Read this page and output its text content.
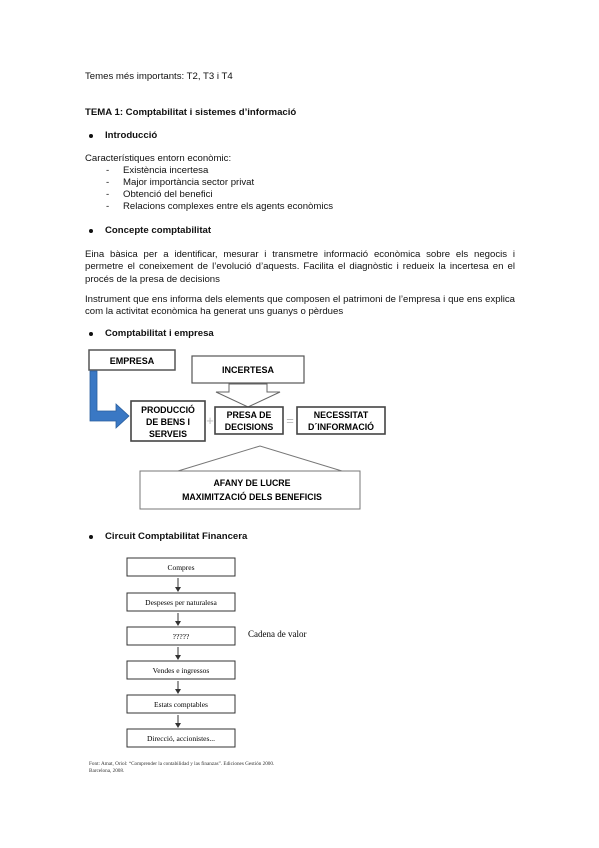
Temes més importants: T2, T3 i T4
TEMA 1: Comptabilitat i sistemes d’informació
Introducció
Característiques entorn econòmic:
- Existència incertesa
- Major importància sector privat
- Obtenció del benefici
- Relacions complexes entre els agents econòmics
Concepte comptabilitat
Eina bàsica per a identificar, mesurar i transmetre informació econòmica sobre els negocis i permetre el coneixement de l’evolució d’aquests. Facilita el diagnòstic i redueix la incertesa en el procés de la presa de decisions
Instrument que ens informa dels elements que composen el patrimoni de l’empresa i que ens explica com la activitat econòmica ha generat uns guanys o pèrdues
Comptabilitat i empresa
EMPRESA
INCERTESA
PRODUCCIÓ
DE BENS I
SERVEIS
+ PRESA DE
DECISIONS = NECESSITAT
D´INFORMACIÓ
AFANY DE LUCRE
MAXIMITZACIÓ DELS BENEFICIS
Circuit Comptabilitat Financera
Compres
Despeses per naturalesa
?????	Cadena de valor
Vendes e ingressos
Estats comptables
Direcció, accionistes...
Font: Amat, Oriol: “Comprender la contabilidad y las finanzas”. Ediciones Gestión 2000.
Barcelona, 2008.
